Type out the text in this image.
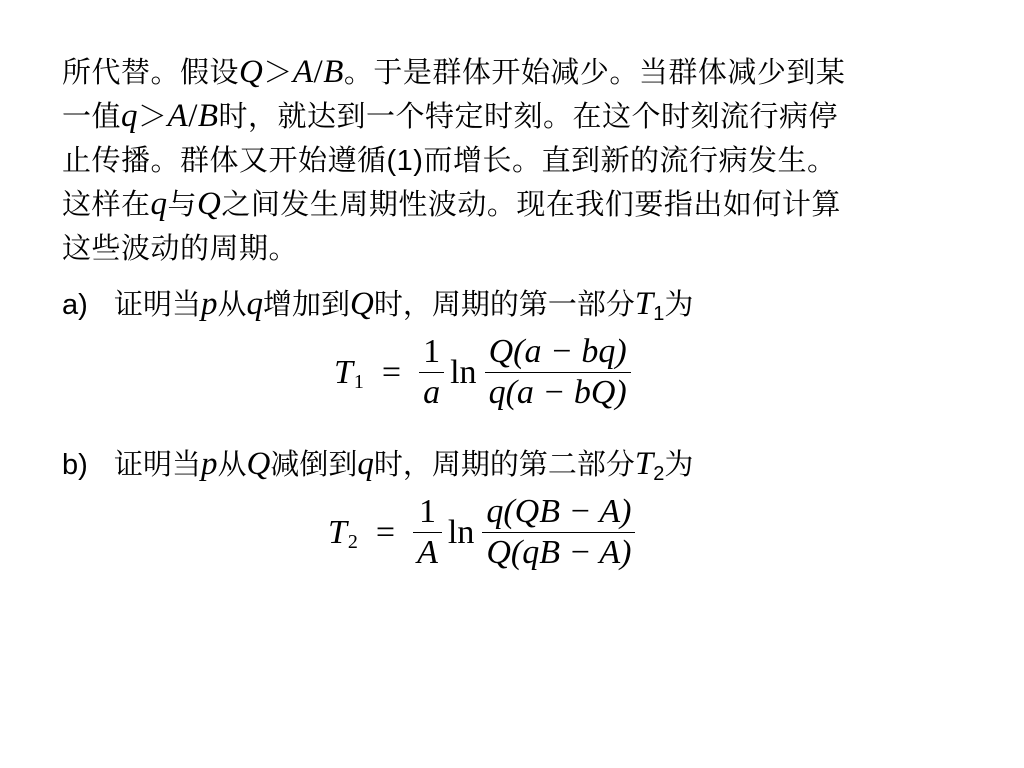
所代替。假设Q＞A/B。于是群体开始减少。当群体减少到某
一值q＞A/B时，就达到一个特定时刻。在这个时刻流行病停
止传播。群体又开始遵循(1)而增长。直到新的流行病发生。
这样在q与Q之间发生周期性波动。现在我们要指出如何计算
这些波动的周期。
a) 证明当p从q增加到Q时，周期的第一部分$T_1$为
T $1 = \frac{1}{a}$ $\ln \frac{Q(a - bq)}{q(a - bQ)}$
b) 证明当p从Q减倒到q时，周期的第二部分$T_2$为
T $2 = \frac{1}{A}$ $\ln \frac{q(QB - A)}{Q(qB - A)}$
